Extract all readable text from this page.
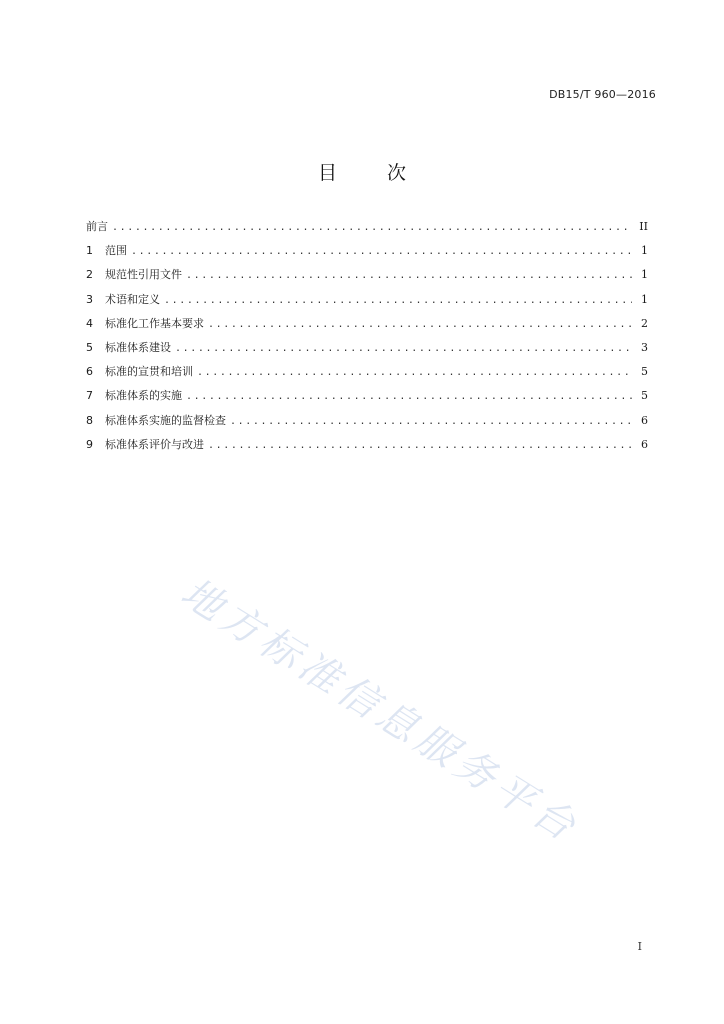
DB15/T 960—2016
目 次
前言 .....	II
1	范围 .....	1
2	规范性引用文件 .....	1
3	术语和定义 .....	1
4	标准化工作基本要求 .....	2
5	标准体系建设 .....	3
6	标准的宣贯和培训 .....	5
7	标准体系的实施 .....	5
8	标准体系实施的监督检查 .....	6
9	标准体系评价与改进 .....	6
地方标准信息服务平台
I
